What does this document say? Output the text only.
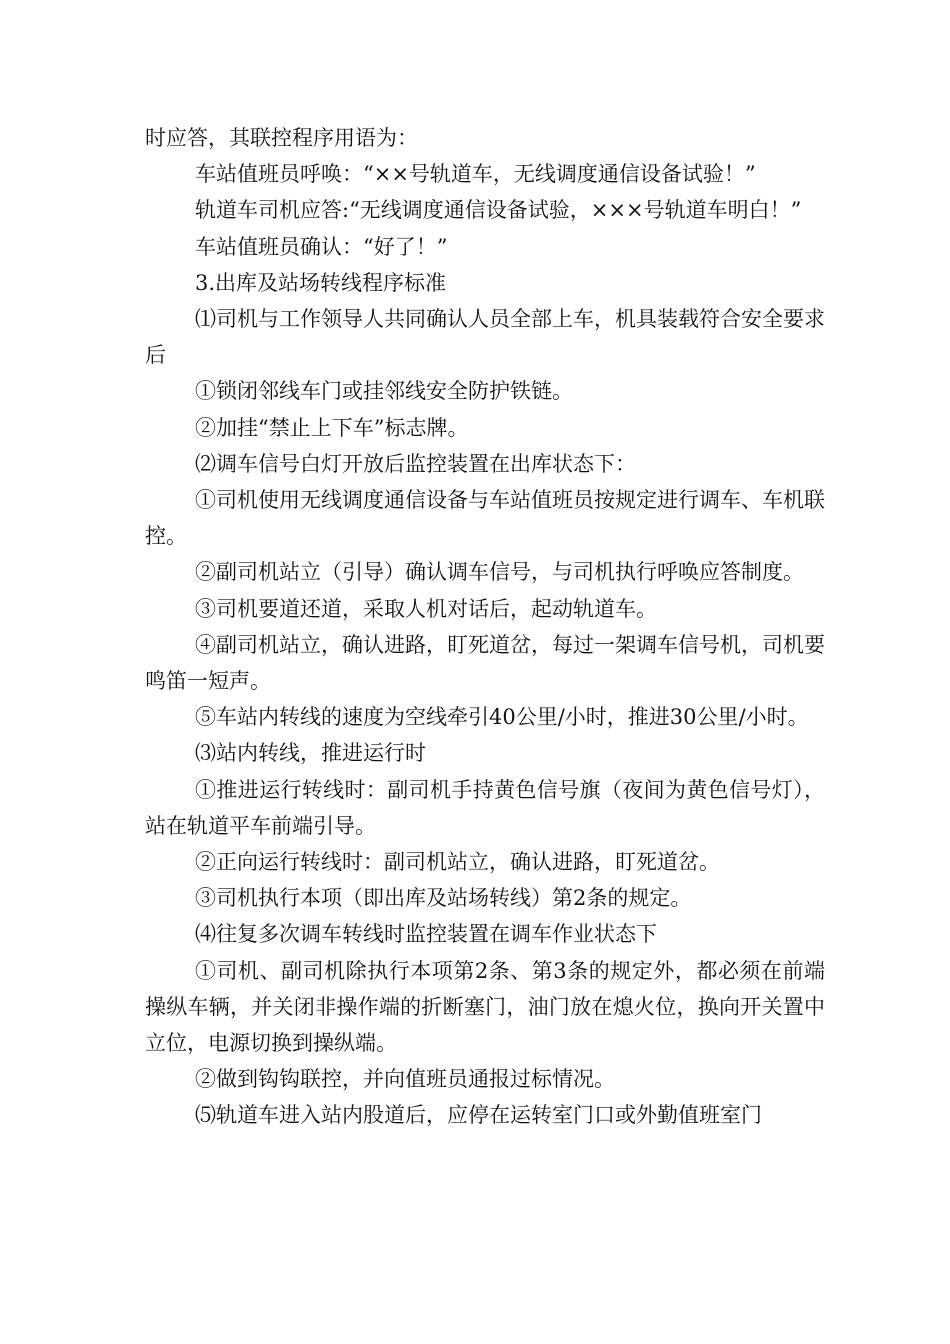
时应答，其联控程序用语为：

车站值班员呼唤：“××号轨道车，无线调度通信设备试验！”

轨道车司机应答:“无线调度通信设备试验，×××号轨道车明白！”

车站值班员确认：“好了！”

3.出库及站场转线程序标准

⑴司机与工作领导人共同确认人员全部上车，机具装载符合安全要求后

①锁闭邻线车门或挂邻线安全防护铁链。

②加挂“禁止上下车”标志牌。

⑵调车信号白灯开放后监控装置在出库状态下：

①司机使用无线调度通信设备与车站值班员按规定进行调车、车机联控。

②副司机站立（引导）确认调车信号，与司机执行呼唤应答制度。

③司机要道还道，采取人机对话后，起动轨道车。

④副司机站立，确认进路，盯死道岔，每过一架调车信号机，司机要鸣笛一短声。

⑤车站内转线的速度为空线牵引40公里/小时，推进30公里/小时。

⑶站内转线，推进运行时

①推进运行转线时：副司机手持黄色信号旗（夜间为黄色信号灯），站在轨道平车前端引导。

②正向运行转线时：副司机站立，确认进路，盯死道岔。

③司机执行本项（即出库及站场转线）第2条的规定。

⑷往复多次调车转线时监控装置在调车作业状态下

①司机、副司机除执行本项第2条、第3条的规定外，都必须在前端操纵车辆，并关闭非操作端的折断塞门，油门放在熄火位，换向开关置中立位，电源切换到操纵端。

②做到钩钩联控，并向值班员通报过标情况。

⑸轨道车进入站内股道后，应停在运转室门口或外勤值班室门
